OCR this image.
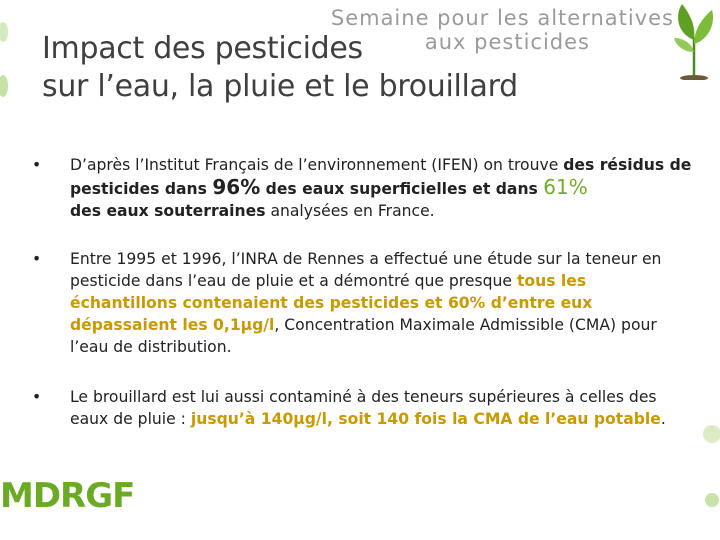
Semaine pour les alternatives
aux pesticides
Impact des pesticides
sur l’eau, la pluie et le brouillard
• D’après l’Institut Français de l’environnement (IFEN) on trouve des résidus de pesticides dans 96% des eaux superficielles et dans 61%
des eaux souterraines analysées en France.
• Entre 1995 et 1996, l’INRA de Rennes a effectué une étude sur la teneur en pesticide dans l’eau de pluie et a démontré que presque tous les échantillons contenaient des pesticides et 60% d’entre eux dépassaient les 0,1µg/l, Concentration Maximale Admissible (CMA) pour l’eau de distribution.
• Le brouillard est lui aussi contaminé à des teneurs supérieures à celles des eaux de pluie : jusqu’à 140µg/l, soit 140 fois la CMA de l’eau potable.
MDRGF
